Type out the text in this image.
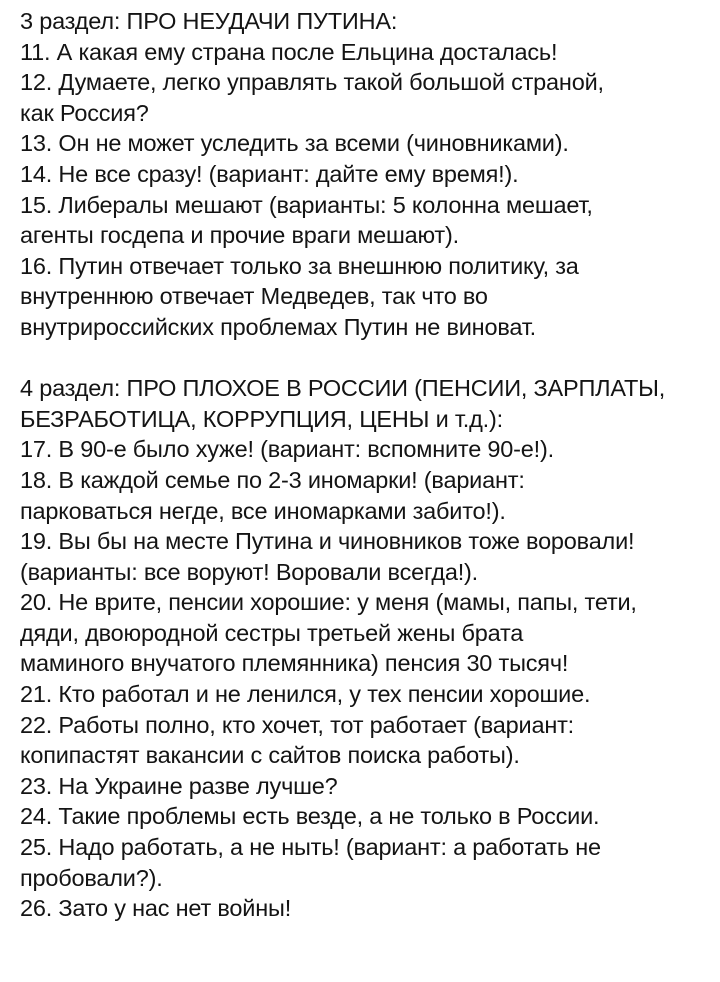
3 раздел: ПРО НЕУДАЧИ ПУТИНА:
11. А какая ему страна после Ельцина досталась!
12. Думаете, легко управлять такой большой страной,
как Россия?
13. Он не может уследить за всеми (чиновниками).
14. Не все сразу! (вариант: дайте ему время!).
15. Либералы мешают (варианты: 5 колонна мешает,
агенты госдепа и прочие враги мешают).
16. Путин отвечает только за внешнюю политику, за
внутреннюю отвечает Медведев, так что во
внутрироссийских проблемах Путин не виноват.
4 раздел: ПРО ПЛОХОЕ В РОССИИ (ПЕНСИИ, ЗАРПЛАТЫ,
БЕЗРАБОТИЦА, КОРРУПЦИЯ, ЦЕНЫ и т.д.):
17. В 90-е было хуже! (вариант: вспомните 90-е!).
18. В каждой семье по 2-3 иномарки! (вариант:
парковаться негде, все иномарками забито!).
19. Вы бы на месте Путина и чиновников тоже воровали!
(варианты: все воруют! Воровали всегда!).
20. Не врите, пенсии хорошие: у меня (мамы, папы, тети,
дяди, двоюродной сестры третьей жены брата
маминого внучатого племянника) пенсия 30 тысяч!
21. Кто работал и не ленился, у тех пенсии хорошие.
22. Работы полно, кто хочет, тот работает (вариант:
копипастят вакансии с сайтов поиска работы).
23. На Украине разве лучше?
24. Такие проблемы есть везде, а не только в России.
25. Надо работать, а не ныть! (вариант: а работать не
пробовали?).
26. Зато у нас нет войны!
